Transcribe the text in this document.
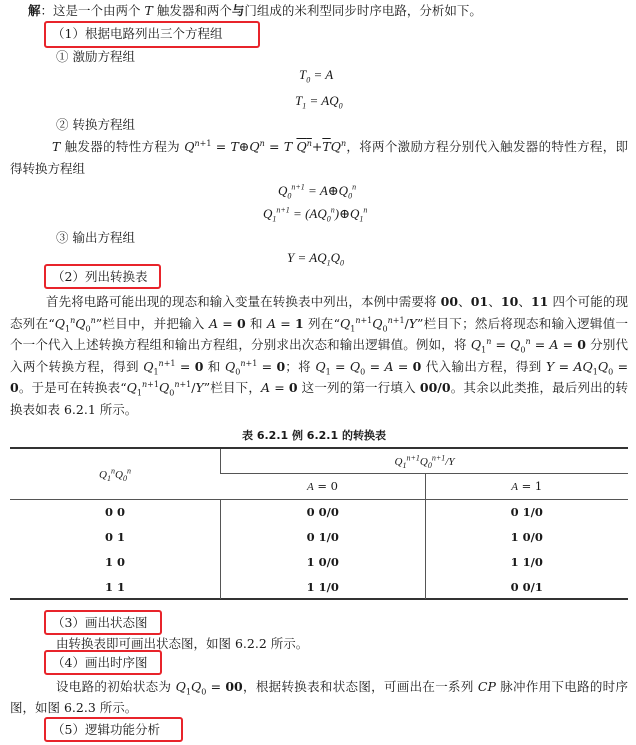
解：这是一个由两个 T 触发器和两个与门组成的米利型同步时序电路，分析如下。
（1）根据电路列出三个方程组
① 激励方程组
$T_0 = A$
$T_1 = AQ_0$
② 转换方程组
T 触发器的特性方程为 $Q^{n+1}$ = $T\oplus Q^n = T$ $Q^n+\overline{T}Q^n$，将两个激励方程分别代入触发器的特性方程，即得转换方程组
$Q_0^{n+1}$ = $A\oplus Q_0^n$
$Q_1^{n+1}$ = $(AQ_0^n)\oplus Q_1^n$
③ 输出方程组
$Y = AQ_1Q_0$
（2）列出转换表
首先将电路可能出现的现态和输入变量在转换表中列出，本例中需要将 00、01、10、11 四个可能的现态列在“$Q_1^nQ_0^n$”栏目中，并把输入 A = 0 和 A = 1 列在“$Q_1^{n+1}Q_0^{n+1}/Y$”栏目下；然后将现态和输入逻辑值一个一个代入上述转换方程组和输出方程组，分别求出次态和输出逻辑值。例如，将 $Q_1^n = Q_0^n = A = 0$ 分别代入两个转换方程，得到 $Q_1^{n+1} = 0$ 和 $Q_0^{n+1} = 0$；将 $Q_1 = Q_0 = A = 0$ 代入输出方程，得到 $Y = AQ_1Q_0 = 0$。于是可在转换表“$Q_1^{n+1}Q_0^{n+1}/Y$”栏目下，A = 0 这一列的第一行填入 00/0。其余以此类推，最后列出的转换表如表 6.2.1 所示。
表 6.2.1 例 6.2.1 的转换表
$Q_1^nQ_0^n$	$Q_1^{n+1}Q_0^{n+1}/Y$	
	A = 0	A = 1
0 0	0 0/0	0 1/0
0 1	0 1/0	1 0/0
1 0	1 0/0	1 1/0
1 1	1 1/0	0 0/1
（3）画出状态图
由转换表即可画出状态图，如图 6.2.2 所示。
（4）画出时序图
设电路的初始状态为 $Q_1Q_0 = 00$，根据转换表和状态图，可画出在一系列 CP 脉冲作用下电路的时序图，如图 6.2.3 所示。
（5）逻辑功能分析
